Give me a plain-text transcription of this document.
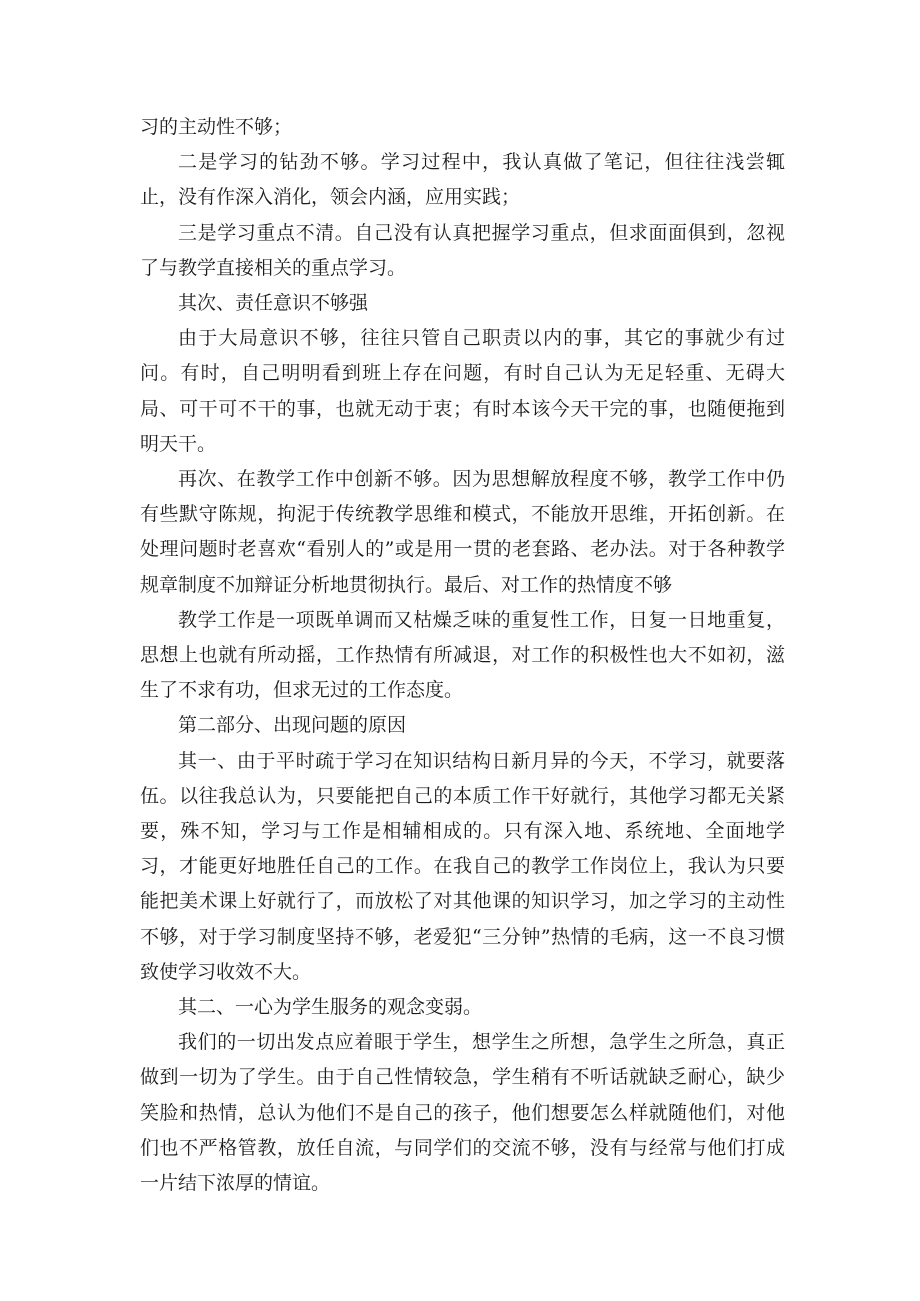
习的主动性不够；

二是学习的钻劲不够。学习过程中，我认真做了笔记，但往往浅尝辄止，没有作深入消化，领会内涵，应用实践；

三是学习重点不清。自己没有认真把握学习重点，但求面面俱到，忽视了与教学直接相关的重点学习。

其次、责任意识不够强

由于大局意识不够，往往只管自己职责以内的事，其它的事就少有过问。有时，自己明明看到班上存在问题，有时自己认为无足轻重、无碍大局、可干可不干的事，也就无动于衷；有时本该今天干完的事，也随便拖到明天干。

再次、在教学工作中创新不够。因为思想解放程度不够，教学工作中仍有些默守陈规，拘泥于传统教学思维和模式，不能放开思维，开拓创新。在处理问题时老喜欢“看别人的”或是用一贯的老套路、老办法。对于各种教学规章制度不加辩证分析地贯彻执行。最后、对工作的热情度不够

教学工作是一项既单调而又枯燥乏味的重复性工作，日复一日地重复，思想上也就有所动摇，工作热情有所减退，对工作的积极性也大不如初，滋生了不求有功，但求无过的工作态度。

第二部分、出现问题的原因

其一、由于平时疏于学习在知识结构日新月异的今天，不学习，就要落伍。以往我总认为，只要能把自己的本质工作干好就行，其他学习都无关紧要，殊不知，学习与工作是相辅相成的。只有深入地、系统地、全面地学习，才能更好地胜任自己的工作。在我自己的教学工作岗位上，我认为只要能把美术课上好就行了，而放松了对其他课的知识学习，加之学习的主动性不够，对于学习制度坚持不够，老爱犯“三分钟”热情的毛病，这一不良习惯致使学习收效不大。

其二、一心为学生服务的观念变弱。

我们的一切出发点应着眼于学生，想学生之所想，急学生之所急，真正做到一切为了学生。由于自己性情较急，学生稍有不听话就缺乏耐心，缺少笑脸和热情，总认为他们不是自己的孩子，他们想要怎么样就随他们，对他们也不严格管教，放任自流，与同学们的交流不够，没有与经常与他们打成一片结下浓厚的情谊。
